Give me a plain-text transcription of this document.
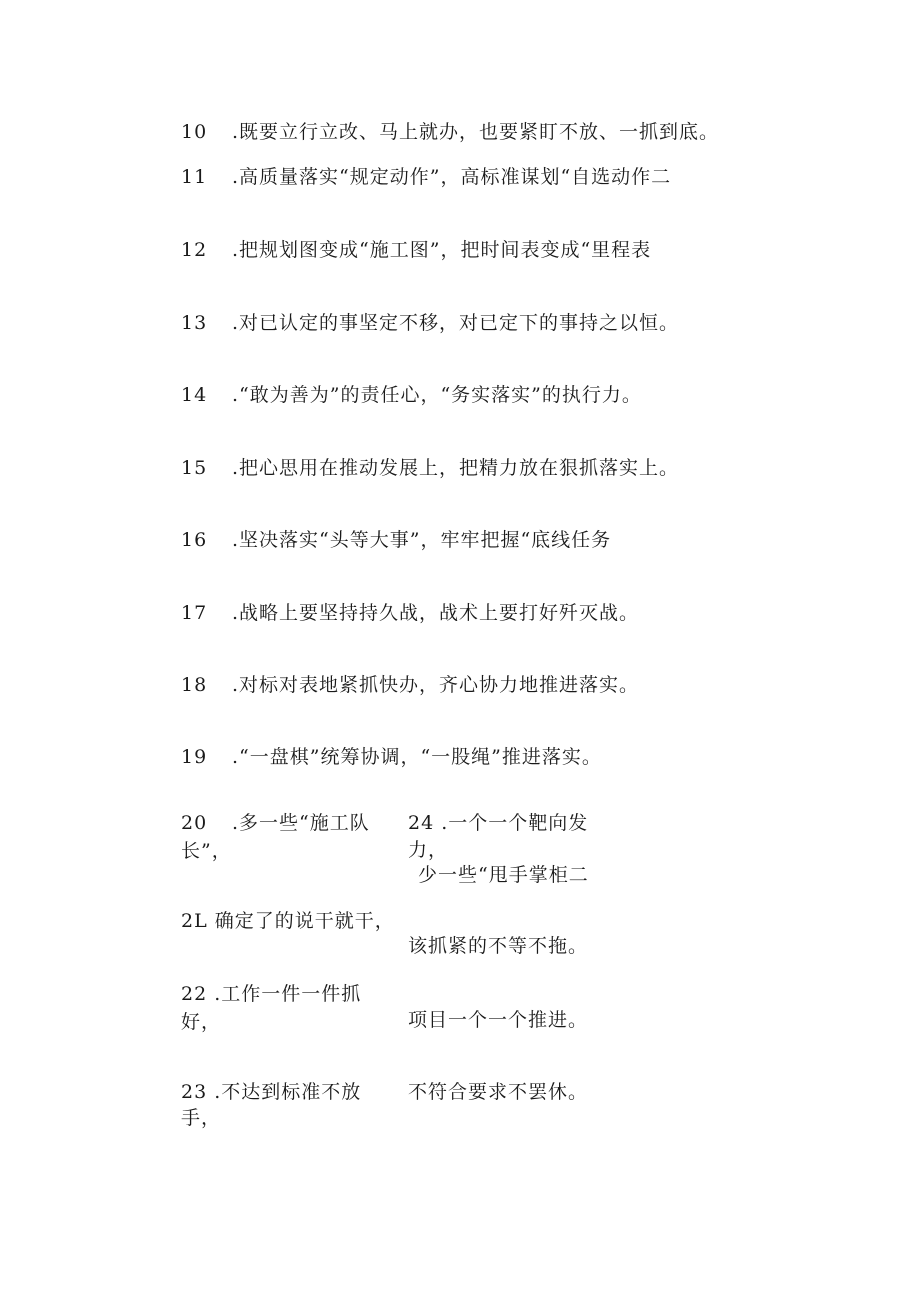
10 .既要立行立改、马上就办，也要紧盯不放、一抓到底。
11 .高质量落实“规定动作”，高标准谋划“自选动作二
12 .把规划图变成“施工图”，把时间表变成“里程表
13 .对已认定的事坚定不移，对已定下的事持之以恒。
14 .“敢为善为”的责任心，“务实落实”的执行力。
15 .把心思用在推动发展上，把精力放在狠抓落实上。
16 .坚决落实“头等大事”，牢牢把握“底线任务
17 .战略上要坚持持久战，战术上要打好歼灭战。
18 .对标对表地紧抓快办，齐心协力地推进落实。
19 .“一盘棋”统筹协调，“一股绳”推进落实。
20 .多一些“施工队
长”，
24 .一个一个靶向发
力，
少一些“甩手掌柜二
2L 确定了的说干就干，
该抓紧的不等不拖。
22 .工作一件一件抓
好，	项目一个一个推进。
23 .不达到标准不放
手，
不符合要求不罢休。
